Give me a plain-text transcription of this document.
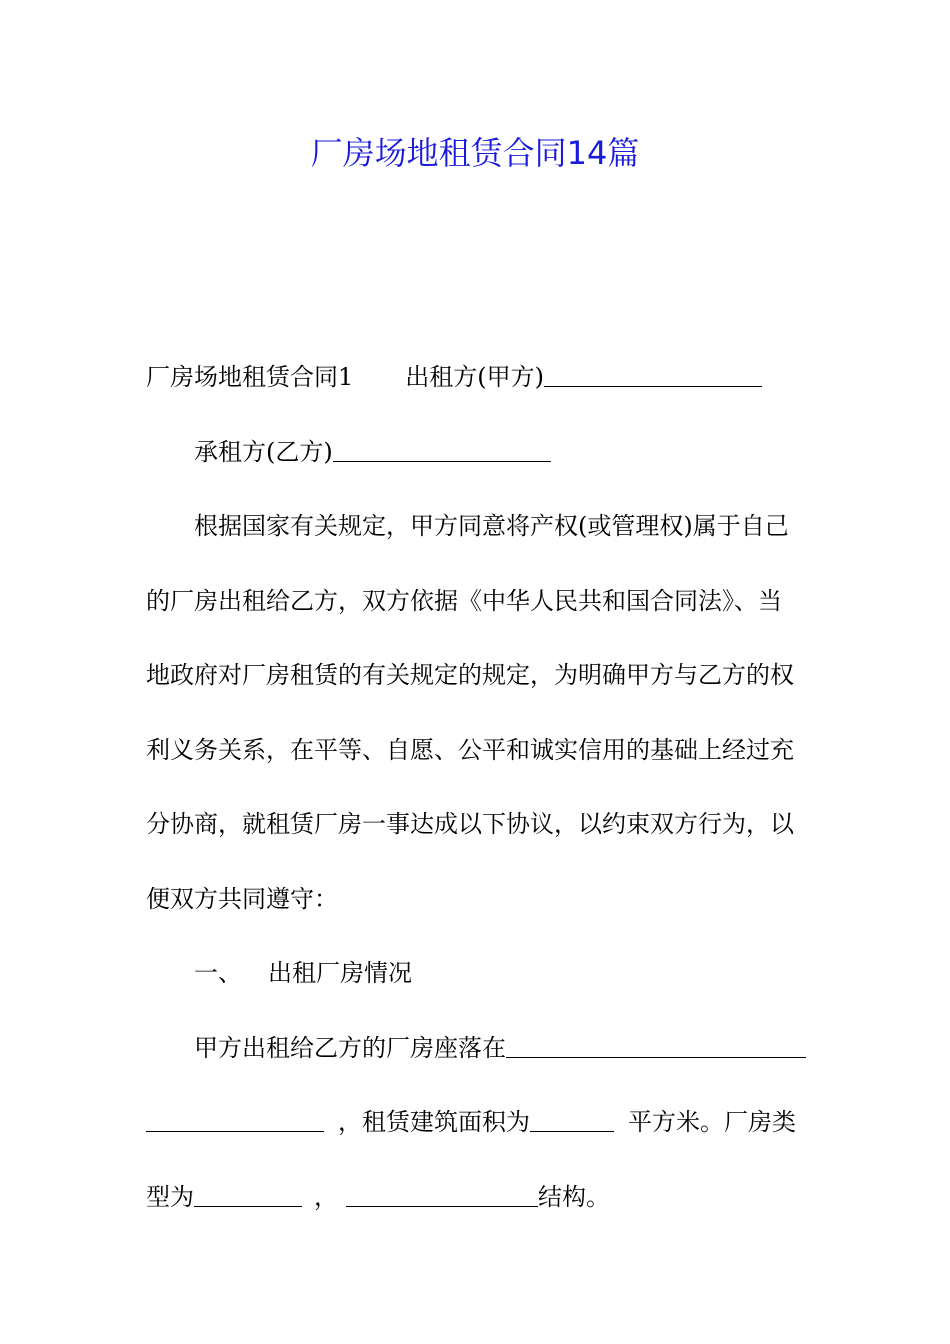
厂房场地租赁合同14篇
厂房场地租赁合同1 出租方(甲方)
承租方(乙方)
根据国家有关规定，甲方同意将产权(或管理权)属于自己
的厂房出租给乙方，双方依据《中华人民共和国合同法》、当
地政府对厂房租赁的有关规定的规定，为明确甲方与乙方的权
利义务关系，在平等、自愿、公平和诚实信用的基础上经过充
分协商，就租赁厂房一事达成以下协议，以约束双方行为，以
便双方共同遵守：
一、 出租厂房情况
甲方出租给乙方的厂房座落在
，租赁建筑面积为	平方米。厂房类
型为	，	结构。
